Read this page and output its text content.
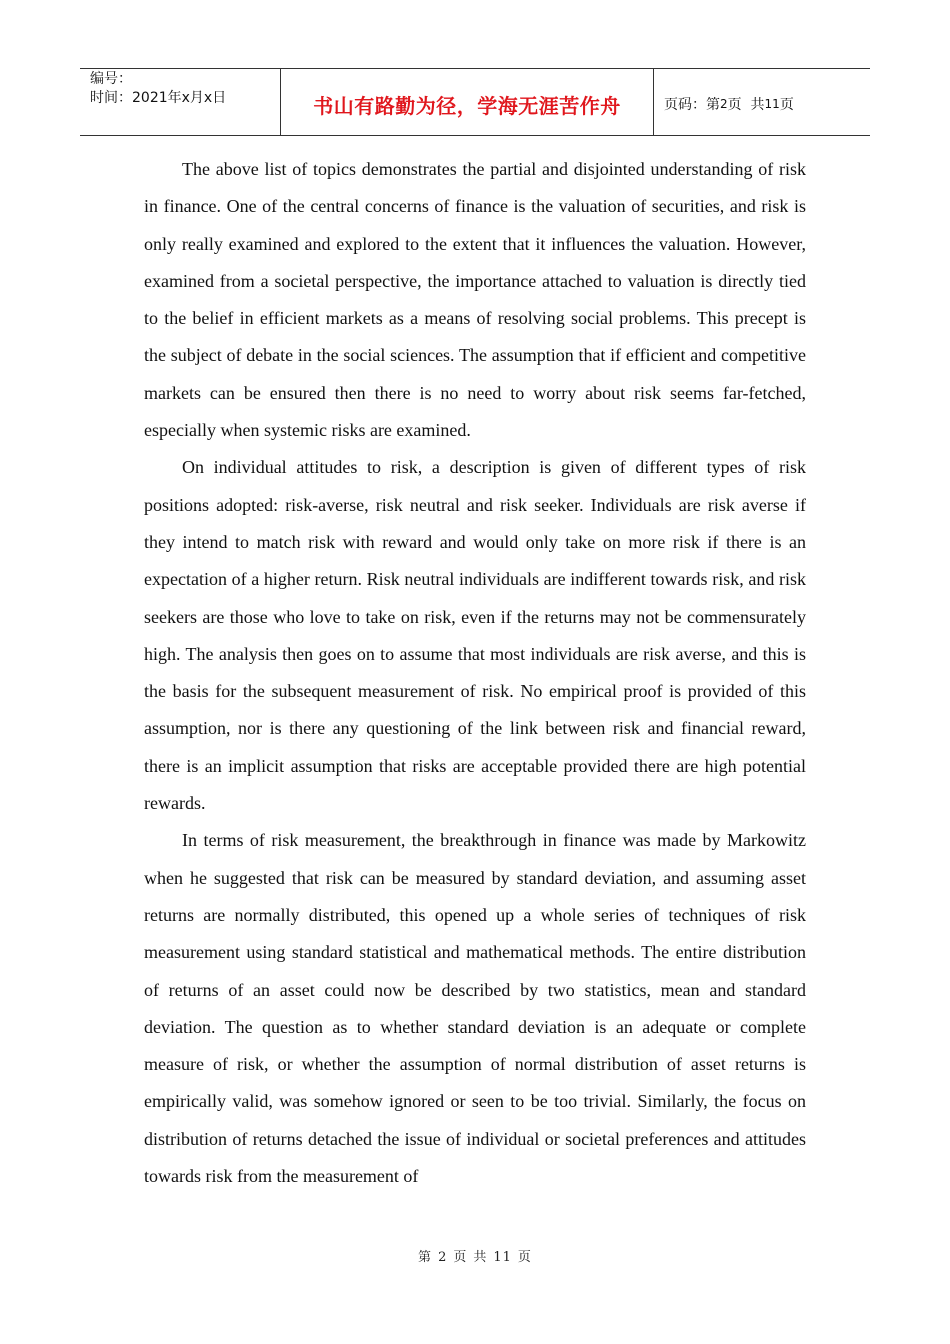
编号：
时间：2021年x月x日	书山有路勤为径，学海无涯苦作舟	页码：第 2 页  共 11 页

The above list of topics demonstrates the partial and disjointed understanding of risk in finance. One of the central concerns of finance is the valuation of securities, and risk is only really examined and explored to the extent that it influences the valuation. However, examined from a societal perspective, the importance attached to valuation is directly tied to the belief in efficient markets as a means of resolving social problems. This precept is the subject of debate in the social sciences. The assumption that if efficient and competitive markets can be ensured then there is no need to worry about risk seems far-fetched, especially when systemic risks are examined.

On individual attitudes to risk, a description is given of different types of risk positions adopted: risk-averse, risk neutral and risk seeker. Individuals are risk averse if they intend to match risk with reward and would only take on more risk if there is an expectation of a higher return. Risk neutral individuals are indifferent towards risk, and risk seekers are those who love to take on risk, even if the returns may not be commensurately high. The analysis then goes on to assume that most individuals are risk averse, and this is the basis for the subsequent measurement of risk. No empirical proof is provided of this assumption, nor is there any questioning of the link between risk and financial reward, there is an implicit assumption that risks are acceptable provided there are high potential rewards.

In terms of risk measurement, the breakthrough in finance was made by Markowitz when he suggested that risk can be measured by standard deviation, and assuming asset returns are normally distributed, this opened up a whole series of techniques of risk measurement using standard statistical and mathematical methods. The entire distribution of returns of an asset could now be described by two statistics, mean and standard deviation. The question as to whether standard deviation is an adequate or complete measure of risk, or whether the assumption of normal distribution of asset returns is empirically valid, was somehow ignored or seen to be too trivial. Similarly, the focus on distribution of returns detached the issue of individual or societal preferences and attitudes towards risk from the measurement of

第 2 页 共 11 页
